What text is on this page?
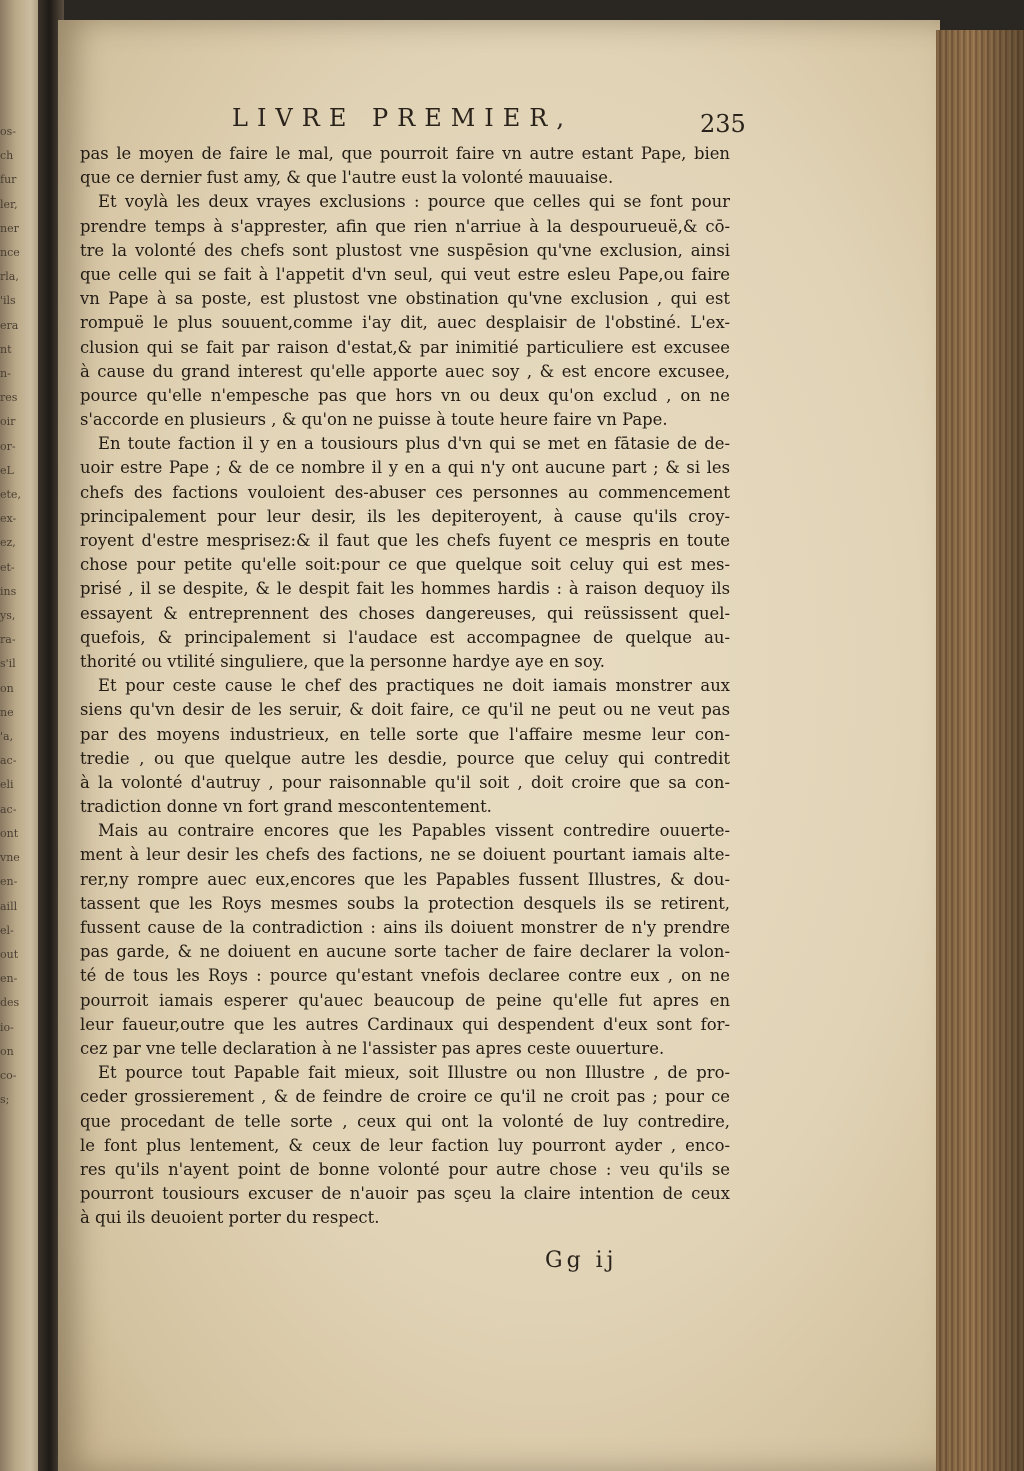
os-
ch
fur
ler,
ner
nce
rla,
'ils
era
nt
n-
res
oir
or-
eL
ete,
ex-
ez,
et-
ins
ys,
ra-
s'il
on
ne
'a,
ac-
eli
ac-
ont
vne
en-
aill
el-
out
en-
des
io-
on
co-
s;
LIVRE PREMIER,	235
pas le moyen de faire le mal, que pourroit faire vn autre estant Pape, bien
que ce dernier fust amy, & que l'autre eust la volonté mauuaise.
Et voylà les deux vrayes exclusions : pource que celles qui se font pour
prendre temps à s'apprester, afin que rien n'arriue à la despourueuë,& cō-
tre la volonté des chefs sont plustost vne suspēsion qu'vne exclusion, ainsi
que celle qui se fait à l'appetit d'vn seul, qui veut estre esleu Pape,ou faire
vn Pape à sa poste, est plustost vne obstination qu'vne exclusion , qui est
rompuë le plus souuent,comme i'ay dit, auec desplaisir de l'obstiné. L'ex-
clusion qui se fait par raison d'estat,& par inimitié particuliere est excusee
à cause du grand interest qu'elle apporte auec soy , & est encore excusee,
pource qu'elle n'empesche pas que hors vn ou deux qu'on exclud , on ne
s'accorde en plusieurs , & qu'on ne puisse à toute heure faire vn Pape.
En toute faction il y en a tousiours plus d'vn qui se met en fātasie de de-
uoir estre Pape ; & de ce nombre il y en a qui n'y ont aucune part ; & si les
chefs des factions vouloient des-abuser ces personnes au commencement
principalement pour leur desir, ils les depiteroyent, à cause qu'ils croy-
royent d'estre mesprisez:& il faut que les chefs fuyent ce mespris en toute
chose pour petite qu'elle soit:pour ce que quelque soit celuy qui est mes-
prisé , il se despite, & le despit fait les hommes hardis : à raison dequoy ils
essayent & entreprennent des choses dangereuses, qui reüssissent quel-
quefois, & principalement si l'audace est accompagnee de quelque au-
thorité ou vtilité singuliere, que la personne hardye aye en soy.
Et pour ceste cause le chef des practiques ne doit iamais monstrer aux
siens qu'vn desir de les seruir, & doit faire, ce qu'il ne peut ou ne veut pas
par des moyens industrieux, en telle sorte que l'affaire mesme leur con-
tredie , ou que quelque autre les desdie, pource que celuy qui contredit
à la volonté d'autruy , pour raisonnable qu'il soit , doit croire que sa con-
tradiction donne vn fort grand mescontentement.
Mais au contraire encores que les Papables vissent contredire ouuerte-
ment à leur desir les chefs des factions, ne se doiuent pourtant iamais alte-
rer,ny rompre auec eux,encores que les Papables fussent Illustres, & dou-
tassent que les Roys mesmes soubs la protection desquels ils se retirent,
fussent cause de la contradiction : ains ils doiuent monstrer de n'y prendre
pas garde, & ne doiuent en aucune sorte tacher de faire declarer la volon-
té de tous les Roys : pource qu'estant vnefois declaree contre eux , on ne
pourroit iamais esperer qu'auec beaucoup de peine qu'elle fut apres en
leur faueur,outre que les autres Cardinaux qui despendent d'eux sont for-
cez par vne telle declaration à ne l'assister pas apres ceste ouuerture.
Et pource tout Papable fait mieux, soit Illustre ou non Illustre , de pro-
ceder grossierement , & de feindre de croire ce qu'il ne croit pas ; pour ce
que procedant de telle sorte , ceux qui ont la volonté de luy contredire,
le font plus lentement, & ceux de leur faction luy pourront ayder , enco-
res qu'ils n'ayent point de bonne volonté pour autre chose : veu qu'ils se
pourront tousiours excuser de n'auoir pas sçeu la claire intention de ceux
à qui ils deuoient porter du respect.
Gg ij
